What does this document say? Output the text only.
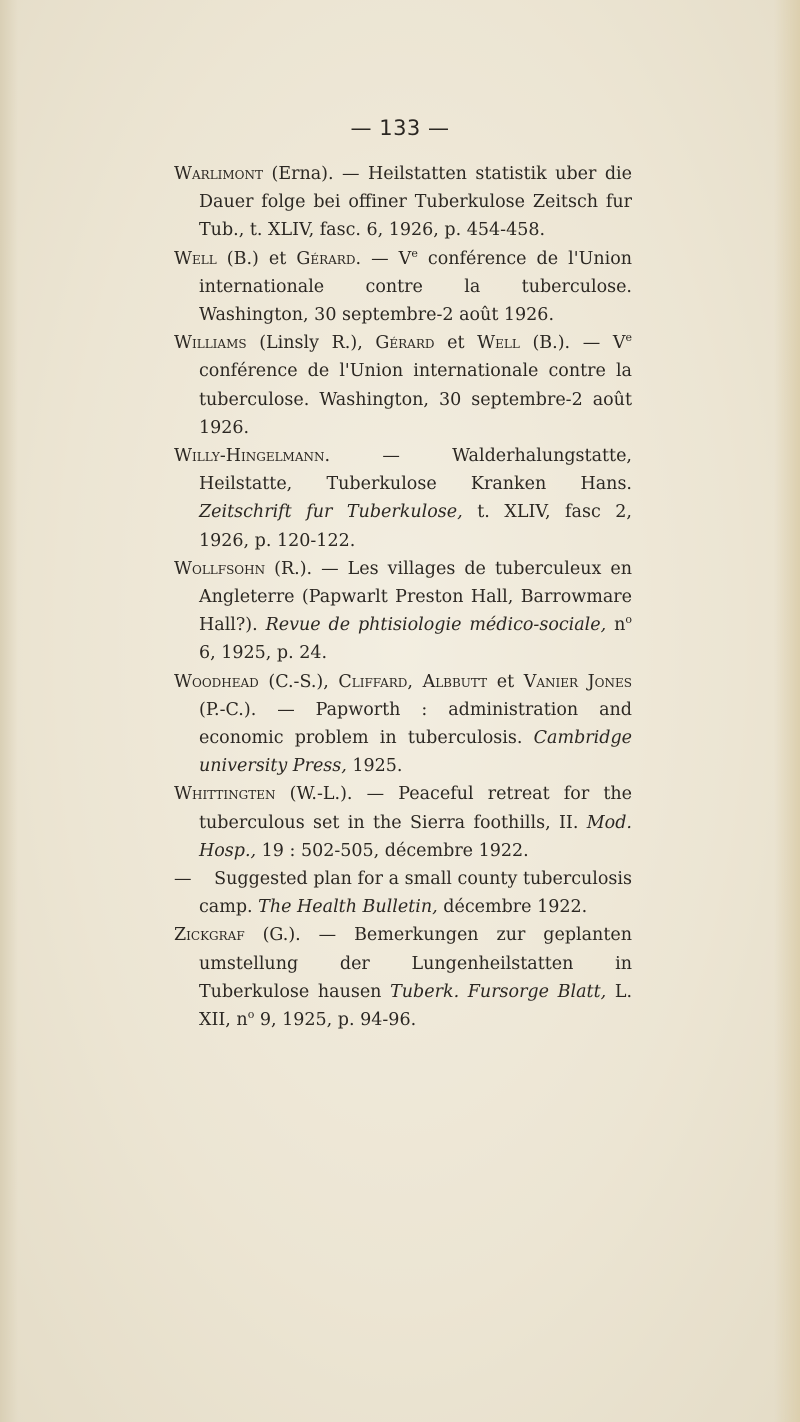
— 133 —

Warlimont (Erna). — Heilstatten statistik uber die Dauer folge bei offiner Tuberkulose Zeitsch fur Tub., t. XLIV, fasc. 6, 1926, p. 454-458.

Well (B.) et Gérard. — Ve conférence de l'Union internationale contre la tuberculose. Washington, 30 septembre-2 août 1926.

Williams (Linsly R.), Gérard et Well (B.). — Ve conférence de l'Union internationale contre la tuberculose. Washington, 30 septembre-2 août 1926.

Willy-Hingelmann. — Walderhalungstatte, Heilstatte, Tuberkulose Kranken Hans. Zeitschrift fur Tuberkulose, t. XLIV, fasc 2, 1926, p. 120-122.

Wollfsohn (R.). — Les villages de tuberculeux en Angleterre (Papwarlt Preston Hall, Barrowmare Hall?). Revue de phtisiologie médico-sociale, $n^o$ 6, 1925, p. 24.

Woodhead (C.-S.), Cliffard, Albbutt et Vanier Jones (P.-C.). — Papworth : administration and economic problem in tuberculosis. Cambridge university Press, 1925.

Whittingten (W.-L.). — Peaceful retreat for the tuberculous set in the Sierra foothills, II. Mod. Hosp., 19 : 502-505, décembre 1922.

— Suggested plan for a small county tuberculosis camp. The Health Bulletin, décembre 1922.

Zickgraf (G.). — Bemerkungen zur geplanten umstellung der Lungenheilstatten in Tuberkulose hausen Tuberk. Fursorge Blatt, L. XII, $n^o$ 9, 1925, p. 94-96.
